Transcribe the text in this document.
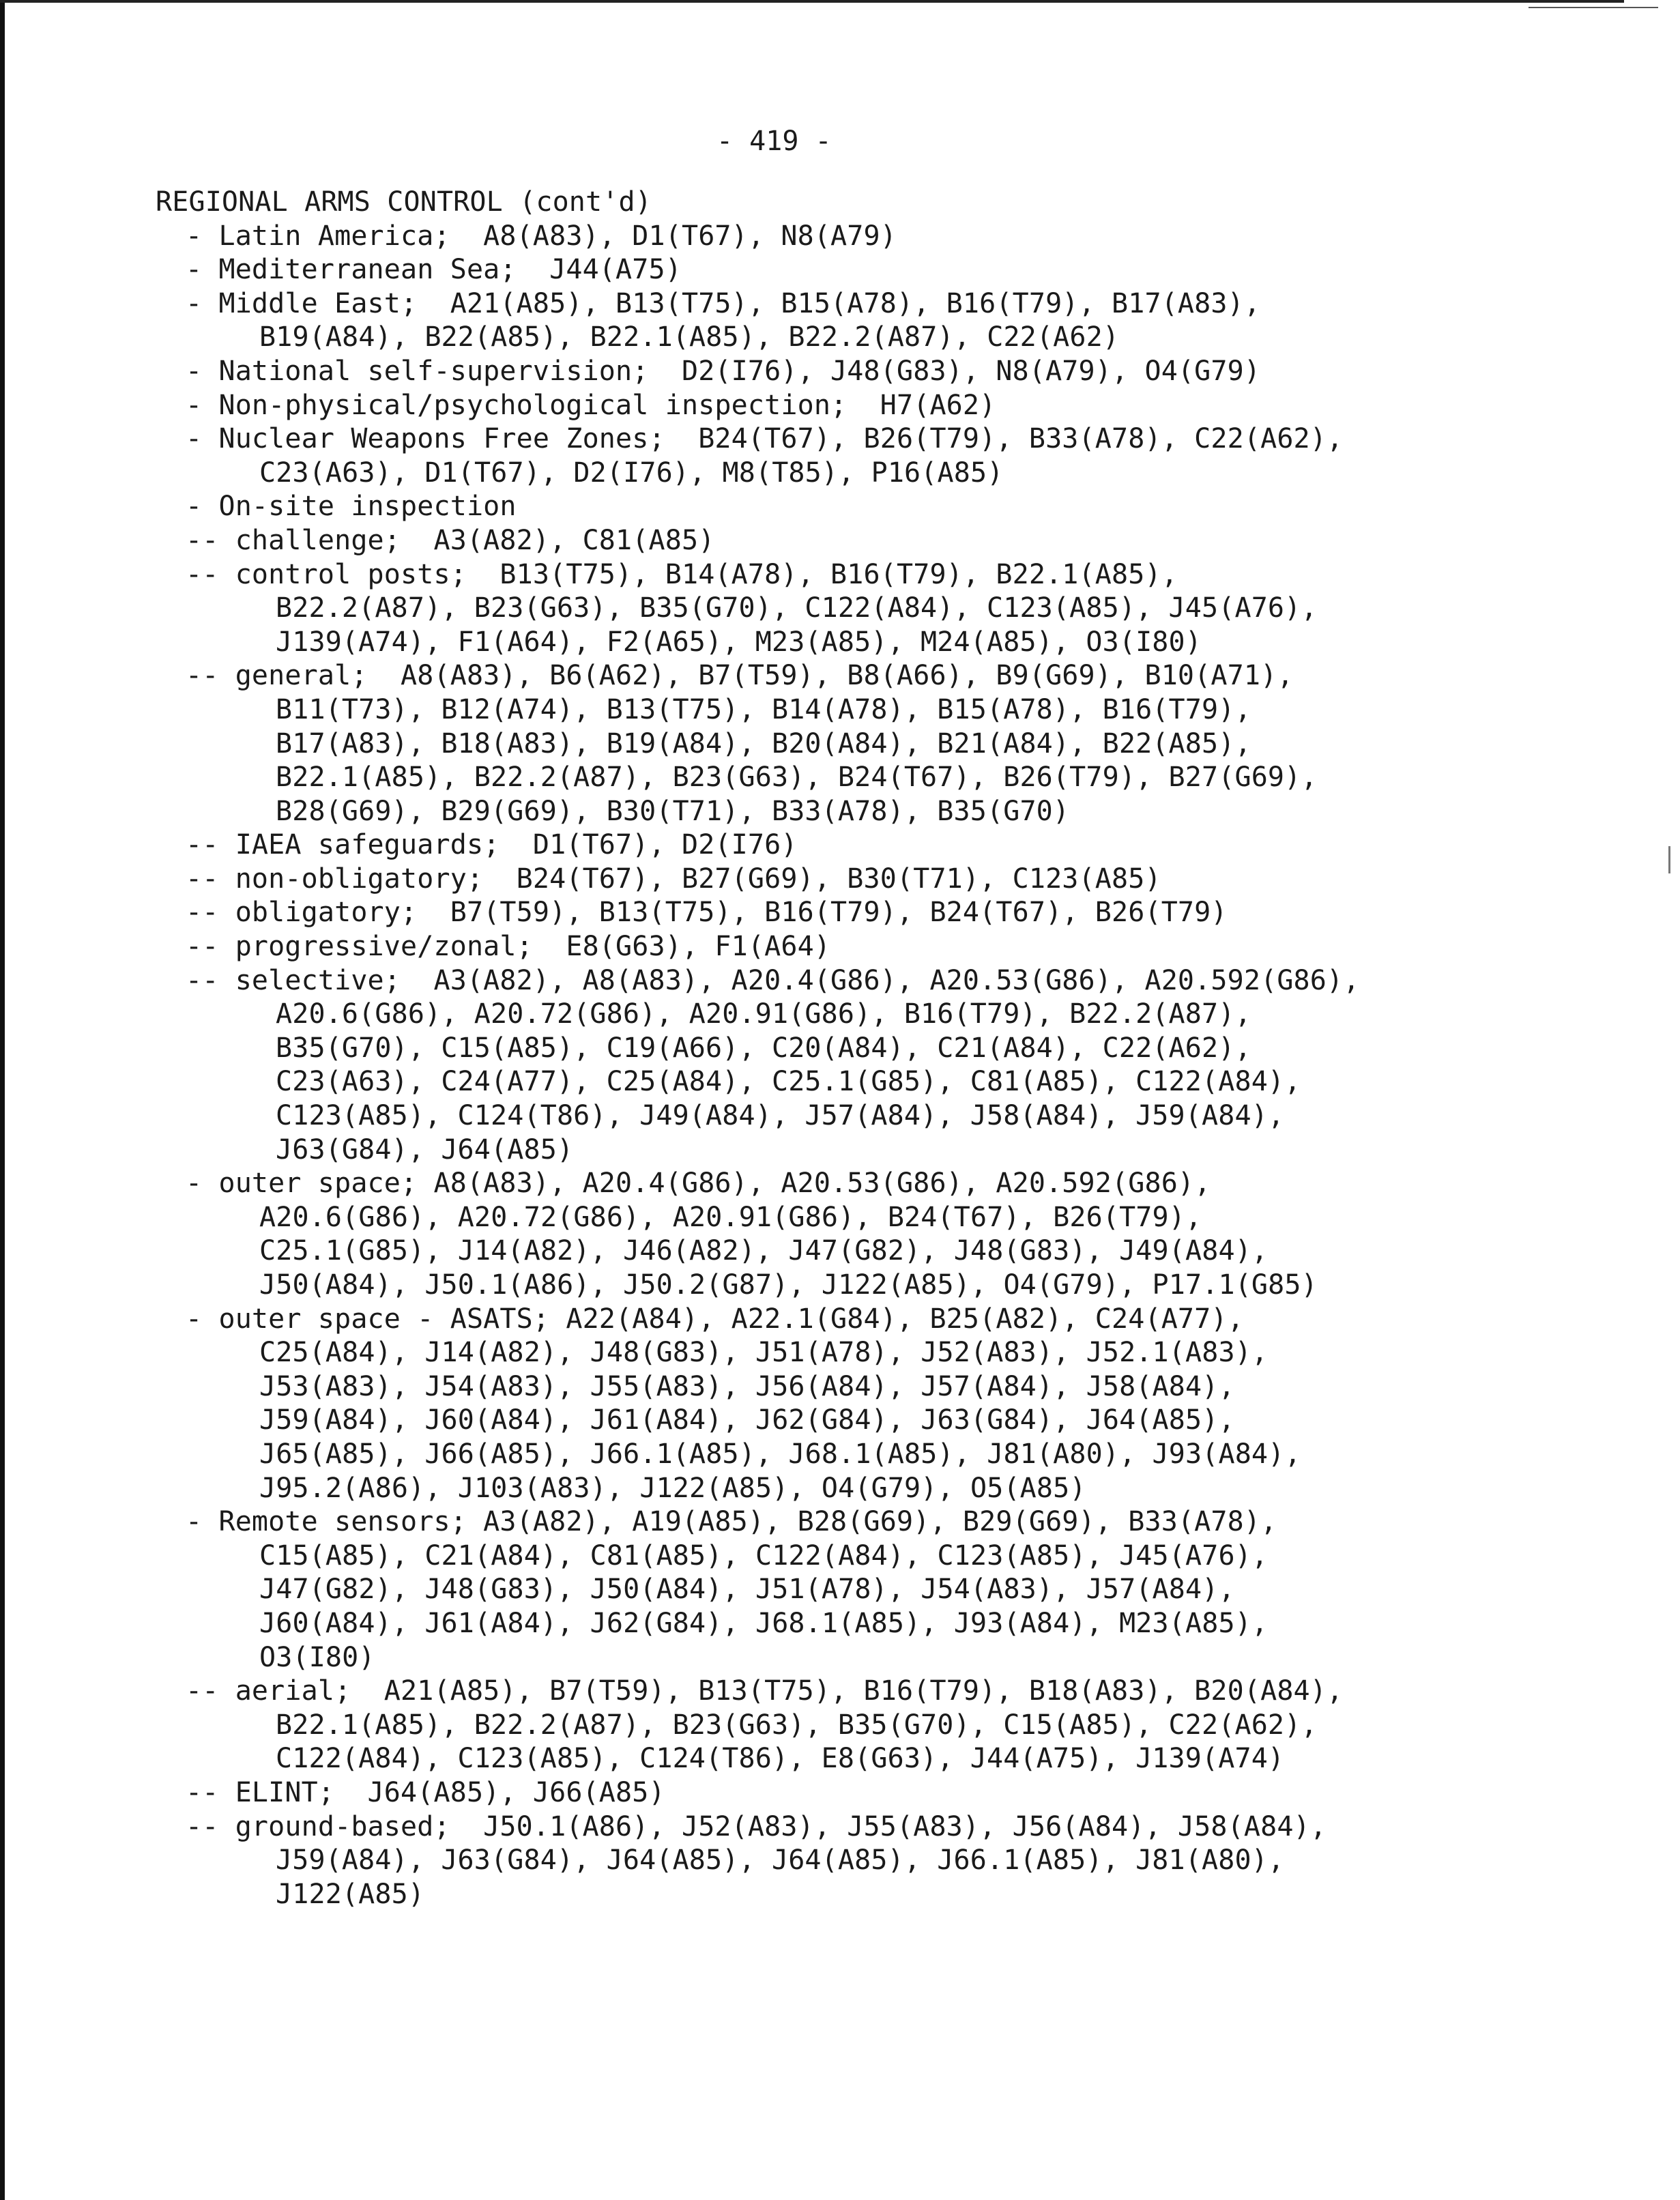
- 419 -
REGIONAL ARMS CONTROL (cont'd)
- Latin America;  A8(A83), D1(T67), N8(A79)
- Mediterranean Sea;  J44(A75)
- Middle East;  A21(A85), B13(T75), B15(A78), B16(T79), B17(A83),
B19(A84), B22(A85), B22.1(A85), B22.2(A87), C22(A62)
- National self-supervision;  D2(I76), J48(G83), N8(A79), O4(G79)
- Non-physical/psychological inspection;  H7(A62)
- Nuclear Weapons Free Zones;  B24(T67), B26(T79), B33(A78), C22(A62),
C23(A63), D1(T67), D2(I76), M8(T85), P16(A85)
- On-site inspection
-- challenge;  A3(A82), C81(A85)
-- control posts;  B13(T75), B14(A78), B16(T79), B22.1(A85),
B22.2(A87), B23(G63), B35(G70), C122(A84), C123(A85), J45(A76),
J139(A74), F1(A64), F2(A65), M23(A85), M24(A85), O3(I80)
-- general;  A8(A83), B6(A62), B7(T59), B8(A66), B9(G69), B10(A71),
B11(T73), B12(A74), B13(T75), B14(A78), B15(A78), B16(T79),
B17(A83), B18(A83), B19(A84), B20(A84), B21(A84), B22(A85),
B22.1(A85), B22.2(A87), B23(G63), B24(T67), B26(T79), B27(G69),
B28(G69), B29(G69), B30(T71), B33(A78), B35(G70)
-- IAEA safeguards;  D1(T67), D2(I76)
-- non-obligatory;  B24(T67), B27(G69), B30(T71), C123(A85)
-- obligatory;  B7(T59), B13(T75), B16(T79), B24(T67), B26(T79)
-- progressive/zonal;  E8(G63), F1(A64)
-- selective;  A3(A82), A8(A83), A20.4(G86), A20.53(G86), A20.592(G86),
A20.6(G86), A20.72(G86), A20.91(G86), B16(T79), B22.2(A87),
B35(G70), C15(A85), C19(A66), C20(A84), C21(A84), C22(A62),
C23(A63), C24(A77), C25(A84), C25.1(G85), C81(A85), C122(A84),
C123(A85), C124(T86), J49(A84), J57(A84), J58(A84), J59(A84),
J63(G84), J64(A85)
- outer space; A8(A83), A20.4(G86), A20.53(G86), A20.592(G86),
A20.6(G86), A20.72(G86), A20.91(G86), B24(T67), B26(T79),
C25.1(G85), J14(A82), J46(A82), J47(G82), J48(G83), J49(A84),
J50(A84), J50.1(A86), J50.2(G87), J122(A85), O4(G79), P17.1(G85)
- outer space - ASATS; A22(A84), A22.1(G84), B25(A82), C24(A77),
C25(A84), J14(A82), J48(G83), J51(A78), J52(A83), J52.1(A83),
J53(A83), J54(A83), J55(A83), J56(A84), J57(A84), J58(A84),
J59(A84), J60(A84), J61(A84), J62(G84), J63(G84), J64(A85),
J65(A85), J66(A85), J66.1(A85), J68.1(A85), J81(A80), J93(A84),
J95.2(A86), J103(A83), J122(A85), O4(G79), O5(A85)
- Remote sensors; A3(A82), A19(A85), B28(G69), B29(G69), B33(A78),
C15(A85), C21(A84), C81(A85), C122(A84), C123(A85), J45(A76),
J47(G82), J48(G83), J50(A84), J51(A78), J54(A83), J57(A84),
J60(A84), J61(A84), J62(G84), J68.1(A85), J93(A84), M23(A85),
O3(I80)
-- aerial;  A21(A85), B7(T59), B13(T75), B16(T79), B18(A83), B20(A84),
B22.1(A85), B22.2(A87), B23(G63), B35(G70), C15(A85), C22(A62),
C122(A84), C123(A85), C124(T86), E8(G63), J44(A75), J139(A74)
-- ELINT;  J64(A85), J66(A85)
-- ground-based;  J50.1(A86), J52(A83), J55(A83), J56(A84), J58(A84),
J59(A84), J63(G84), J64(A85), J64(A85), J66.1(A85), J81(A80),
J122(A85)
